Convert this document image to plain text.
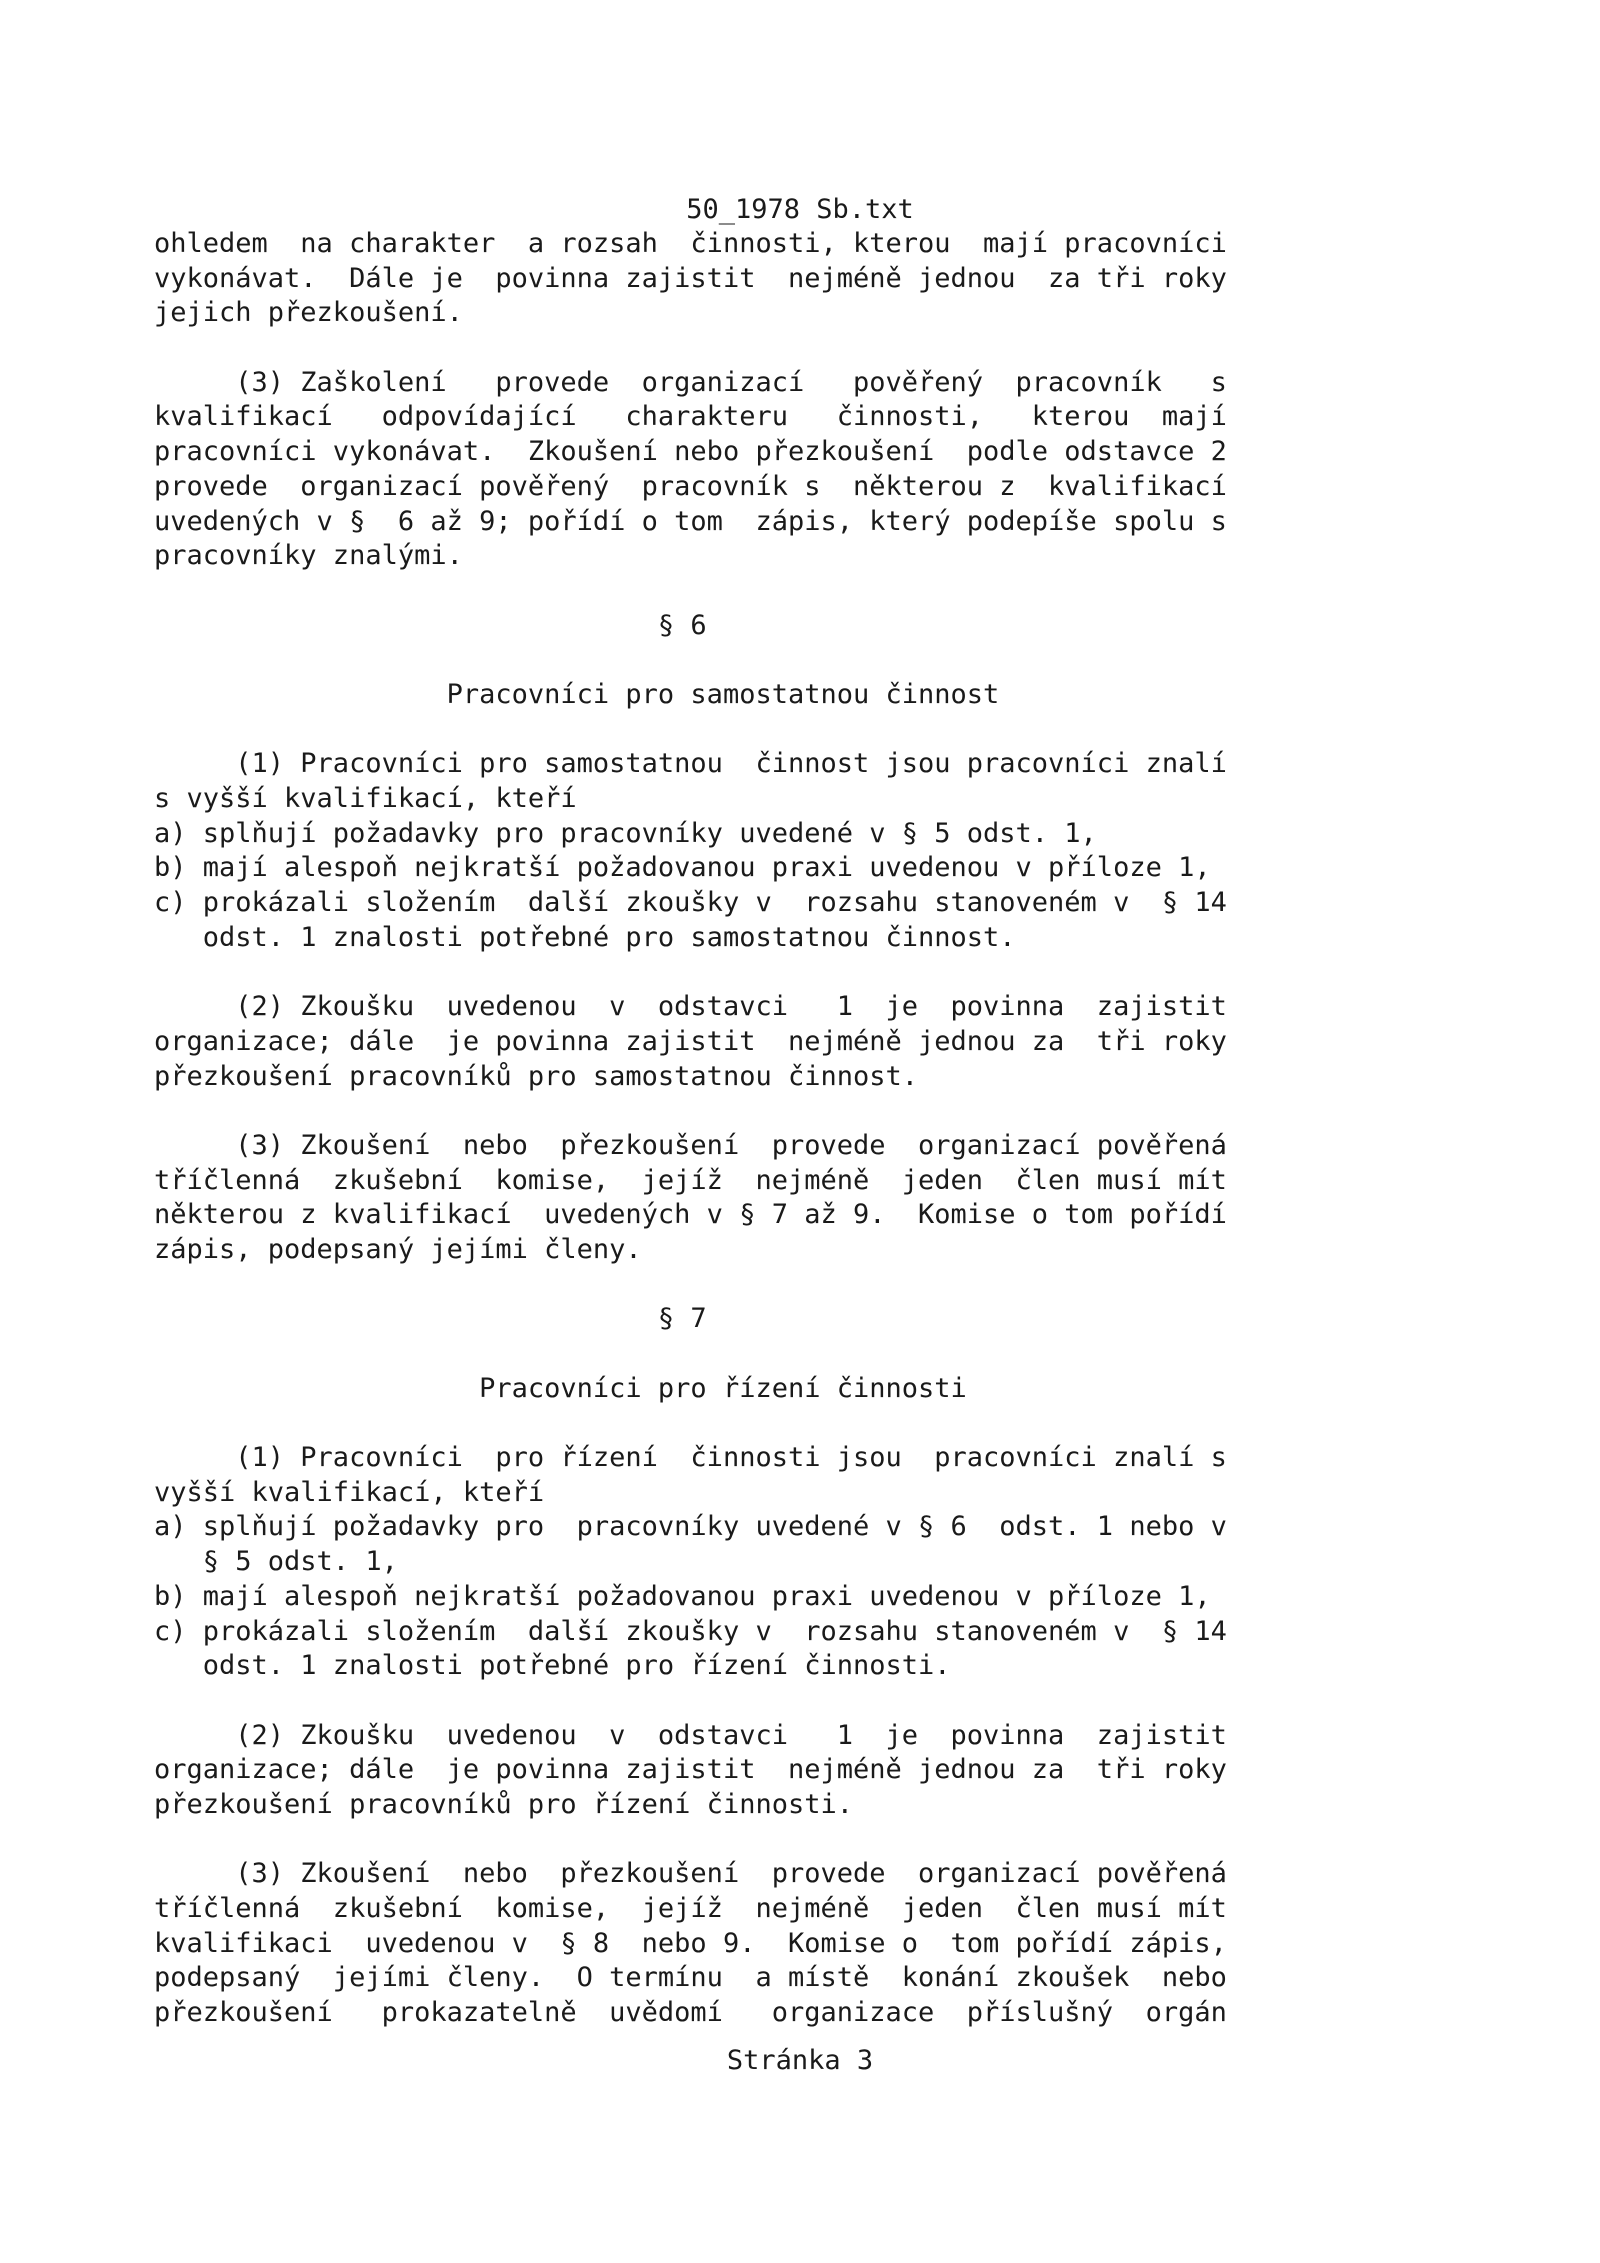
50_1978 Sb.txt
ohledem  na charakter  a rozsah  činnosti, kterou  mají pracovníci
vykonávat.  Dále je  povinna zajistit  nejméně jednou  za tři roky
jejich přezkoušení.
(3) Zaškolení   provede  organizací   pověřený  pracovník   s
kvalifikací   odpovídající   charakteru   činnosti,   kterou  mají
pracovníci vykonávat.  Zkoušení nebo přezkoušení  podle odstavce 2
provede  organizací pověřený  pracovník s  některou z  kvalifikací
uvedených v §  6 až 9; pořídí o tom  zápis, který podepíše spolu s
pracovníky znalými.
§ 6
Pracovníci pro samostatnou činnost
(1) Pracovníci pro samostatnou  činnost jsou pracovníci znalí
s vyšší kvalifikací, kteří
a) splňují požadavky pro pracovníky uvedené v § 5 odst. 1,
b) mají alespoň nejkratší požadovanou praxi uvedenou v příloze 1,
c) prokázali složením  další zkoušky v  rozsahu stanoveném v  § 14
odst. 1 znalosti potřebné pro samostatnou činnost.
(2) Zkoušku  uvedenou  v  odstavci   1  je  povinna  zajistit
organizace; dále  je povinna zajistit  nejméně jednou za  tři roky
přezkoušení pracovníků pro samostatnou činnost.
(3) Zkoušení  nebo  přezkoušení  provede  organizací pověřená
tříčlenná  zkušební  komise,  jejíž  nejméně  jeden  člen musí mít
některou z kvalifikací  uvedených v § 7 až 9.  Komise o tom pořídí
zápis, podepsaný jejími členy.
§ 7
Pracovníci pro řízení činnosti
(1) Pracovníci  pro řízení  činnosti jsou  pracovníci znalí s
vyšší kvalifikací, kteří
a) splňují požadavky pro  pracovníky uvedené v § 6  odst. 1 nebo v
§ 5 odst. 1,
b) mají alespoň nejkratší požadovanou praxi uvedenou v příloze 1,
c) prokázali složením  další zkoušky v  rozsahu stanoveném v  § 14
odst. 1 znalosti potřebné pro řízení činnosti.
(2) Zkoušku  uvedenou  v  odstavci   1  je  povinna  zajistit
organizace; dále  je povinna zajistit  nejméně jednou za  tři roky
přezkoušení pracovníků pro řízení činnosti.
(3) Zkoušení  nebo  přezkoušení  provede  organizací pověřená
tříčlenná  zkušební  komise,  jejíž  nejméně  jeden  člen musí mít
kvalifikaci  uvedenou v  § 8  nebo 9.  Komise o  tom pořídí zápis,
podepsaný  jejími členy.  O termínu  a místě  konání zkoušek  nebo
přezkoušení   prokazatelně  uvědomí   organizace  příslušný  orgán
Stránka 3
